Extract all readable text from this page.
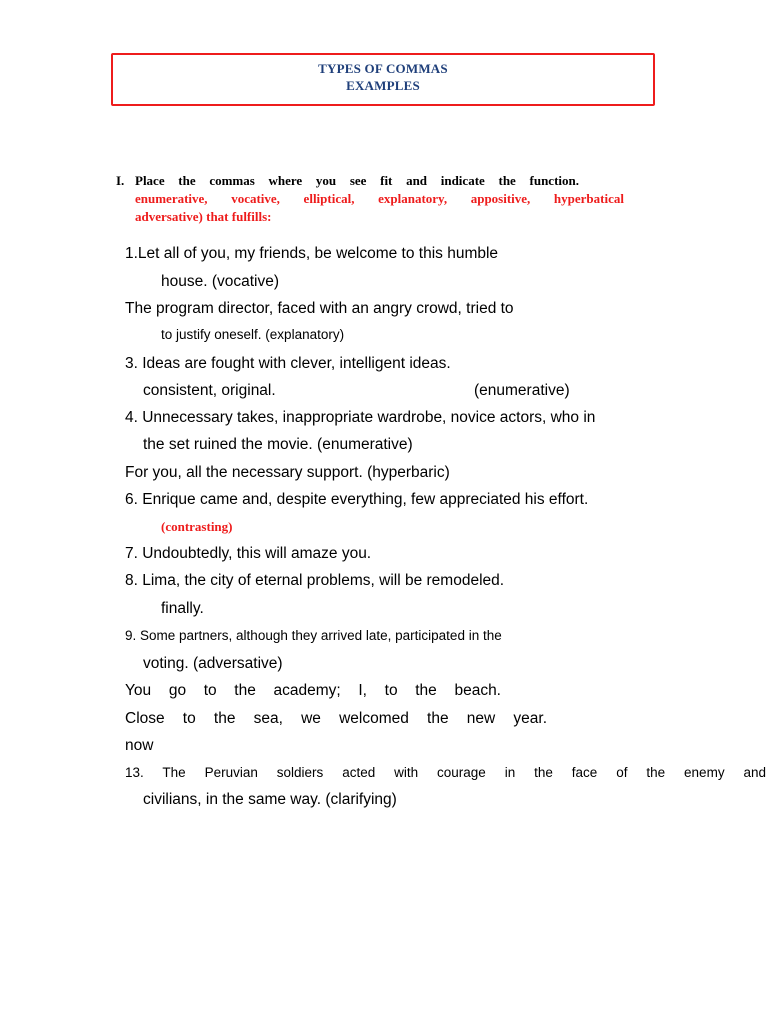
TYPES OF COMMAS
EXAMPLES
I. Place the commas where you see fit and indicate the function.
enumerative, vocative, elliptical, explanatory, appositive, hyperbatical
adversative) that fulfills:
1.Let all of you, my friends, be welcome to this humble
house. (vocative)
The program director, faced with an angry crowd, tried to
to justify oneself. (explanatory)
3. Ideas are fought with clever, intelligent ideas.
consistent, original.	(enumerative)
4. Unnecessary takes, inappropriate wardrobe, novice actors, who in
the set ruined the movie. (enumerative)
For you, all the necessary support. (hyperbaric)
6. Enrique came and, despite everything, few appreciated his effort.
(contrasting)
7. Undoubtedly, this will amaze you.
8. Lima, the city of eternal problems, will be remodeled.
finally.
9. Some partners, although they arrived late, participated in the
voting. (adversative)
You go to the academy; I, to the beach.
Close to the sea, we welcomed the new year.
now
13. The Peruvian soldiers acted with courage in the face of the enemy and
civilians, in the same way. (clarifying)
